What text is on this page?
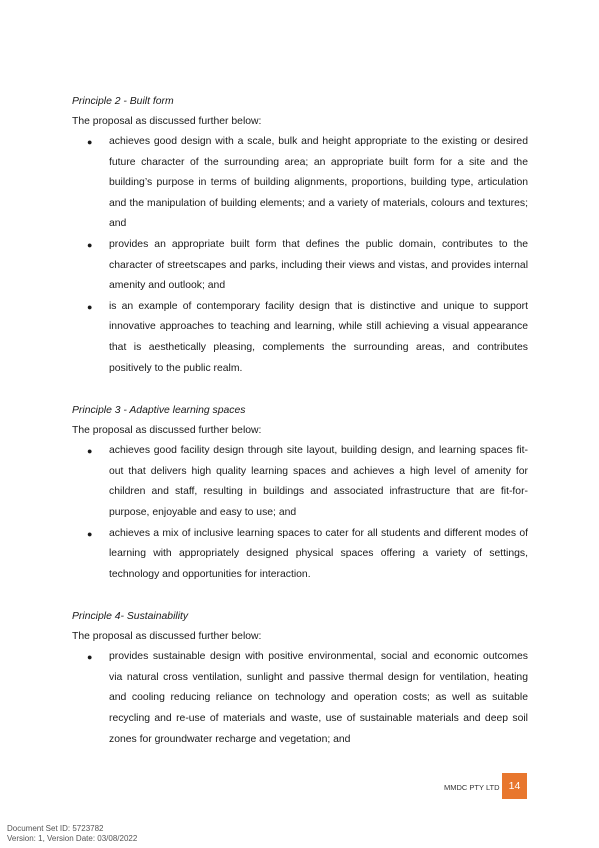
Principle 2 - Built form
The proposal as discussed further below:
● achieves good design with a scale, bulk and height appropriate to the existing or desired future character of the surrounding area; an appropriate built form for a site and the building’s purpose in terms of building alignments, proportions, building type, articulation and the manipulation of building elements; and a variety of materials, colours and textures; and
● provides an appropriate built form that defines the public domain, contributes to the character of streetscapes and parks, including their views and vistas, and provides internal amenity and outlook; and
● is an example of contemporary facility design that is distinctive and unique to support innovative approaches to teaching and learning, while still achieving a visual appearance that is aesthetically pleasing, complements the surrounding areas, and contributes positively to the public realm.
Principle 3 - Adaptive learning spaces
The proposal as discussed further below:
● achieves good facility design through site layout, building design, and learning spaces fit-out that delivers high quality learning spaces and achieves a high level of amenity for children and staff, resulting in buildings and associated infrastructure that are fit-for-purpose, enjoyable and easy to use; and
● achieves a mix of inclusive learning spaces to cater for all students and different modes of learning with appropriately designed physical spaces offering a variety of settings, technology and opportunities for interaction.
Principle 4- Sustainability
The proposal as discussed further below:
● provides sustainable design with positive environmental, social and economic outcomes via natural cross ventilation, sunlight and passive thermal design for ventilation, heating and cooling reducing reliance on technology and operation costs; as well as suitable recycling and re-use of materials and waste, use of sustainable materials and deep soil zones for groundwater recharge and vegetation; and
MMDC PTY LTD 14
Document Set ID: 5723782
Version: 1, Version Date: 03/08/2022
